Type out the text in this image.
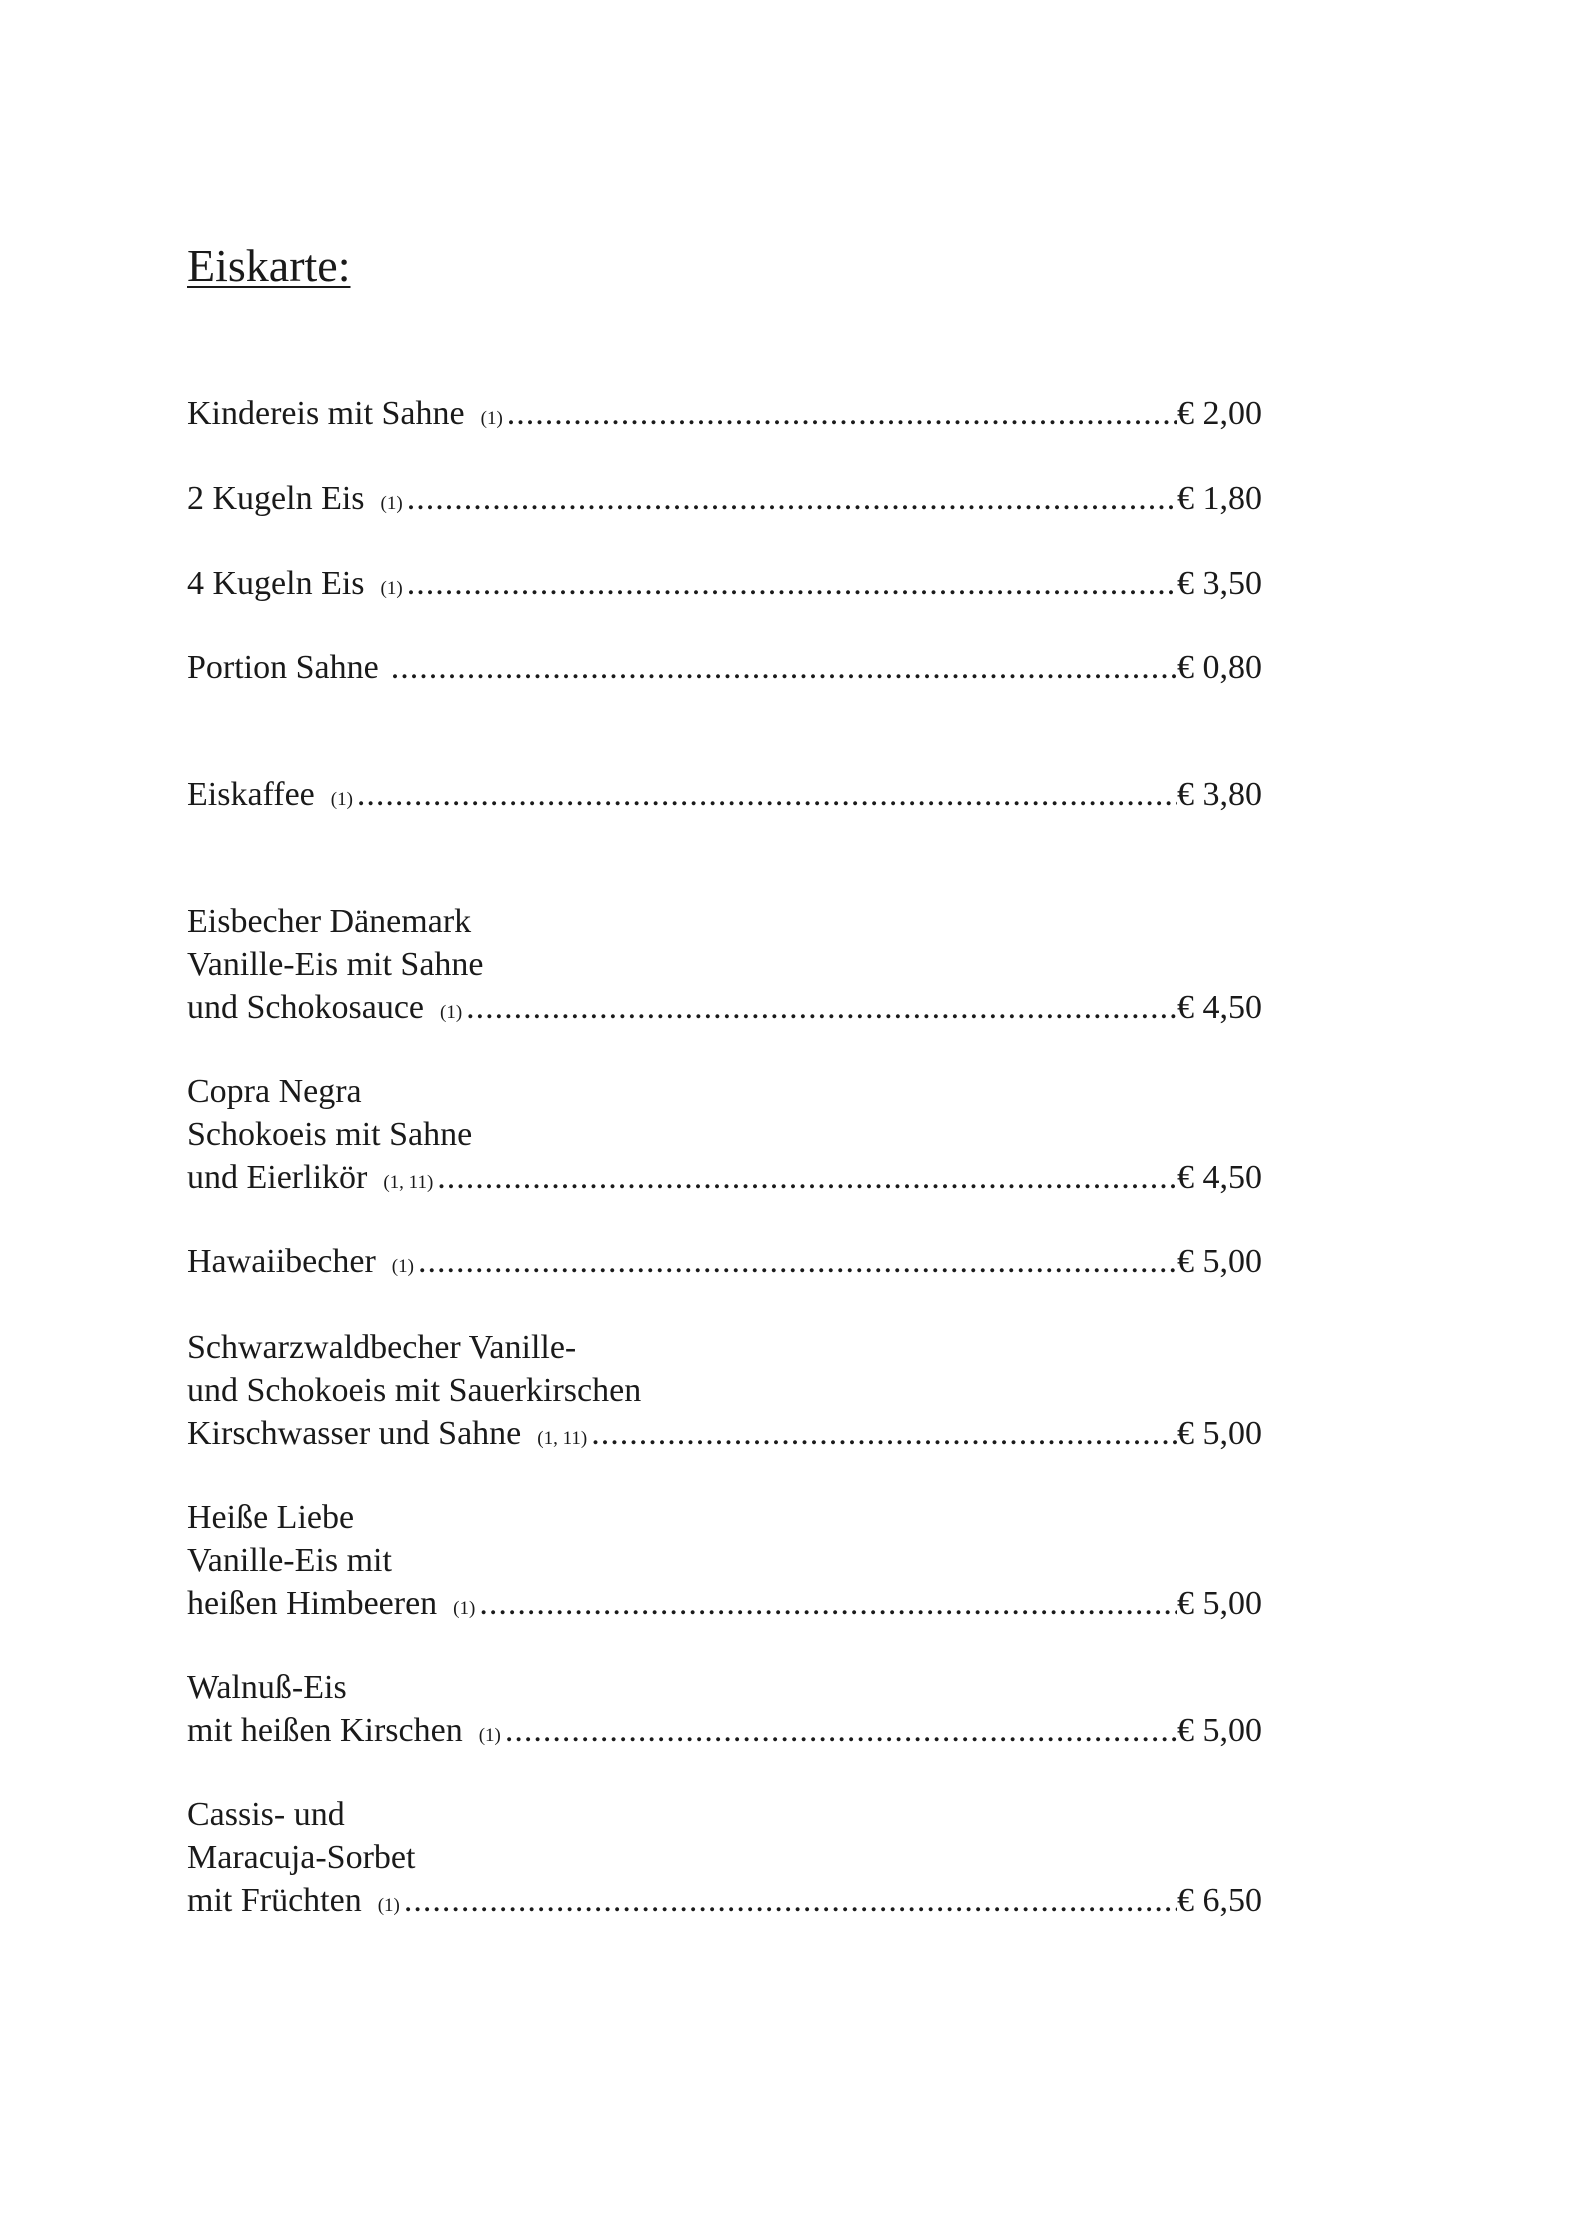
Eiskarte:
Kindereis mit Sahne (1) .....	€ 2,00
2 Kugeln Eis (1) .....	€ 1,80
4 Kugeln Eis (1) .....	€ 3,50
Portion Sahne .....	€ 0,80
Eiskaffee (1) .....	€ 3,80
Eisbecher Dänemark
Vanille-Eis mit Sahne
und Schokosauce (1) .....	€ 4,50
Copra Negra
Schokoeis mit Sahne
und Eierlikör (1, 11) .....	€ 4,50
Hawaiibecher (1) .....	€ 5,00
Schwarzwaldbecher Vanille-
und Schokoeis mit Sauerkirschen
Kirschwasser und Sahne (1, 11) .....	€ 5,00
Heiße Liebe
Vanille-Eis mit
heißen Himbeeren (1) .....	€ 5,00
Walnuß-Eis
mit heißen Kirschen (1) .....	€ 5,00
Cassis- und
Maracuja-Sorbet
mit Früchten (1) .....	€ 6,50
